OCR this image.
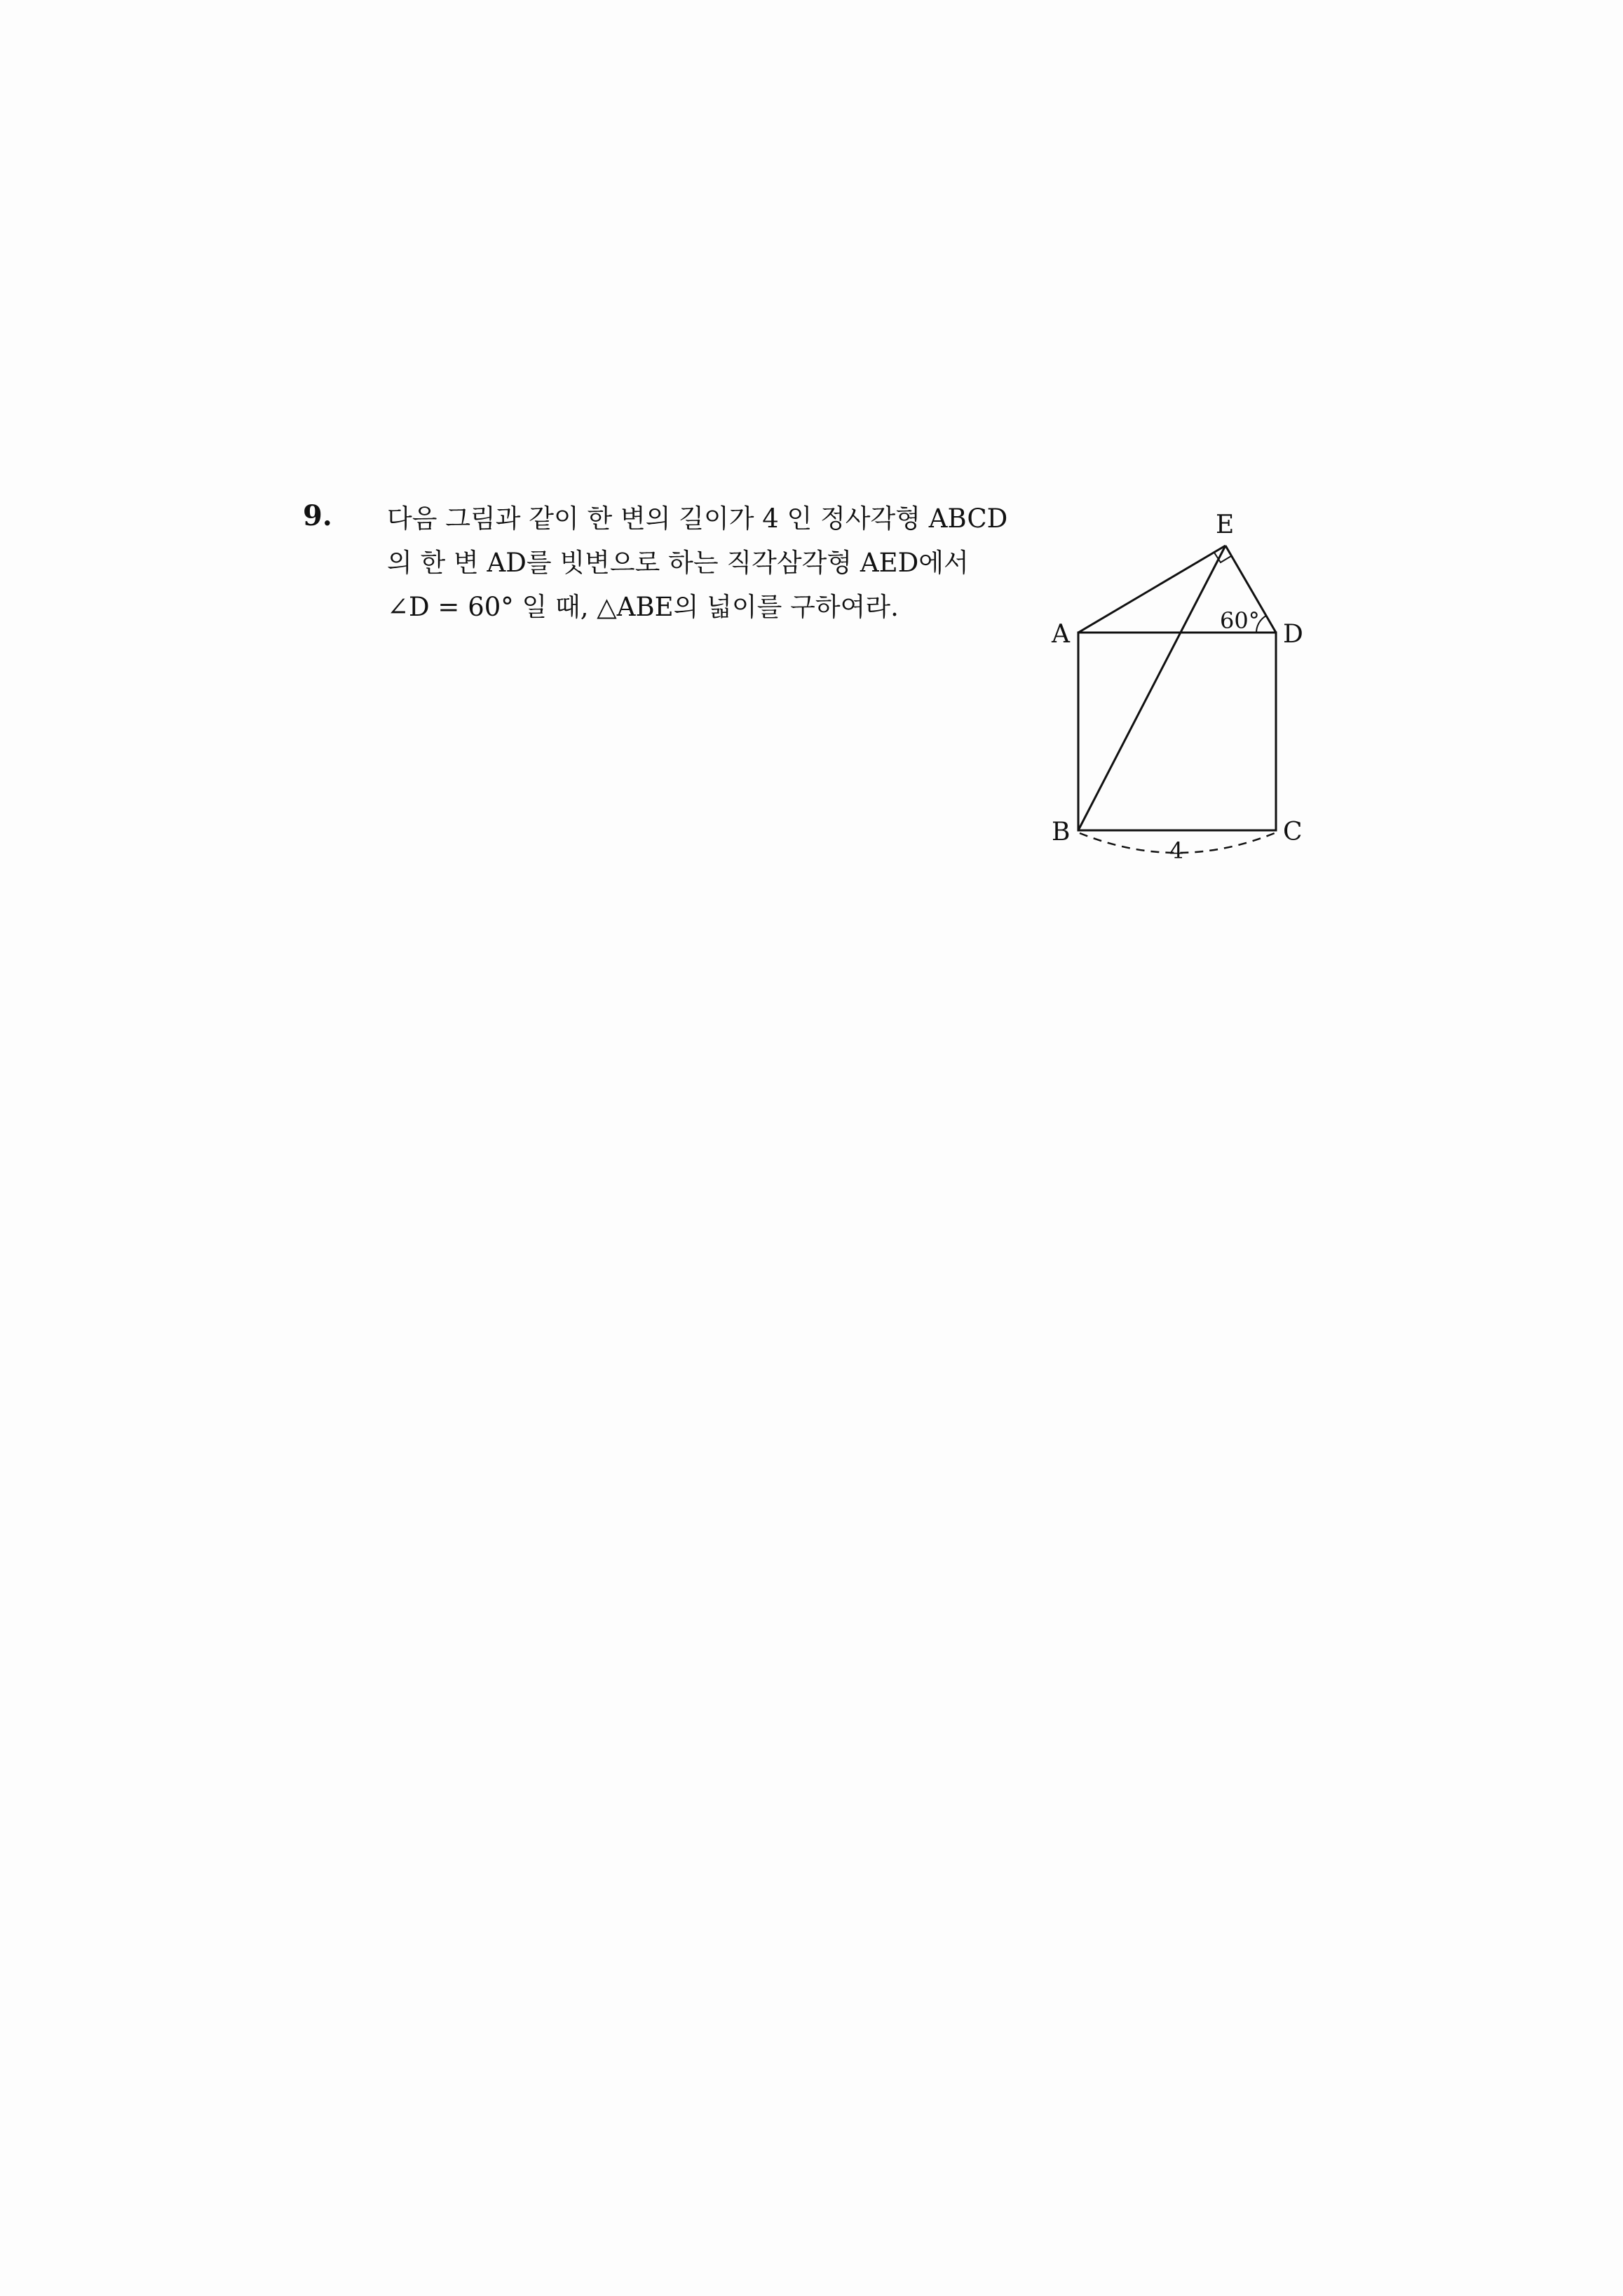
9. 다음 그림과 같이 한 변의 길이가 4 인 정사각형 ABCD
의 한 변 AD를 빗변으로 하는 직각삼각형 AED에서
∠D = 60° 일 때, △ABE의 넓이를 구하여라.
E
A	D
B	C
60°
4
